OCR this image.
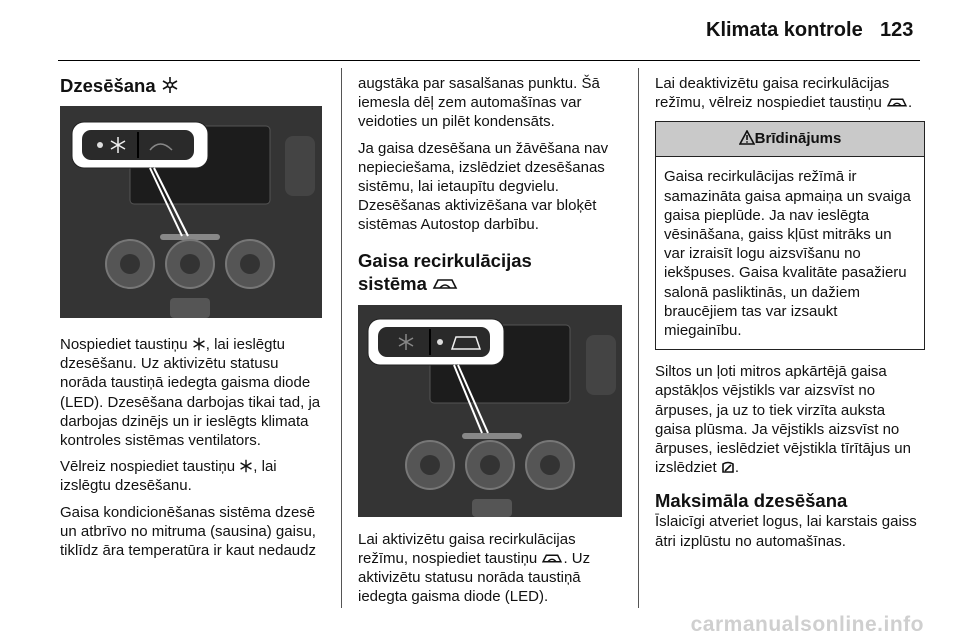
Klimata kontrole 123
Dzesēšana

Nospiediet taustiņu , lai ieslēgtu dzesēšanu. Uz aktivizētu statusu norāda taustiņā iedegta gaisma diode (LED). Dzesēšana darbojas tikai tad, ja darbojas dzinējs un ir ieslēgts klimata kontroles sistēmas ventilators.

Vēlreiz nospiediet taustiņu , lai izslēgtu dzesēšanu.

Gaisa kondicionēšanas sistēma dzesē un atbrīvo no mitruma (sausina) gaisu, tiklīdz āra temperatūra ir kaut nedaudz

augstāka par sasalšanas punktu. Šā iemesla dēļ zem automašīnas var veidoties un pilēt kondensāts.

Ja gaisa dzesēšana un žāvēšana nav nepieciešama, izslēdziet dzesēšanas sistēmu, lai ietaupītu degvielu. Dzesēšanas aktivizēšana var bloķēt sistēmas Autostop darbību.

Gaisa recirkulācijas
sistēma

Lai aktivizētu gaisa recirkulācijas režīmu, nospiediet taustiņu . Uz aktivizētu statusu norāda taustiņā iedegta gaisma diode (LED).

Lai deaktivizētu gaisa recirkulācijas režīmu, vēlreiz nospiediet taustiņu .

Brīdinājums
Gaisa recirkulācijas režīmā ir samazināta gaisa apmaiņa un svaiga gaisa pieplūde. Ja nav ieslēgta vēsināšana, gaiss kļūst mitrāks un var izraisīt logu aizsvīšanu no iekšpuses. Gaisa kvalitāte pasažieru salonā pasliktinās, un dažiem braucējiem tas var izsaukt miegainību.

Siltos un ļoti mitros apkārtējā gaisa apstākļos vējstikls var aizsvīst no ārpuses, ja uz to tiek virzīta auksta gaisa plūsma. Ja vējstikls aizsvīst no ārpuses, ieslēdziet vējstikla tīrītājus un izslēdziet .

Maksimāla dzesēšana

Īslaicīgi atveriet logus, lai karstais gaiss ātri izplūstu no automašīnas.

carmanualsonline.info
